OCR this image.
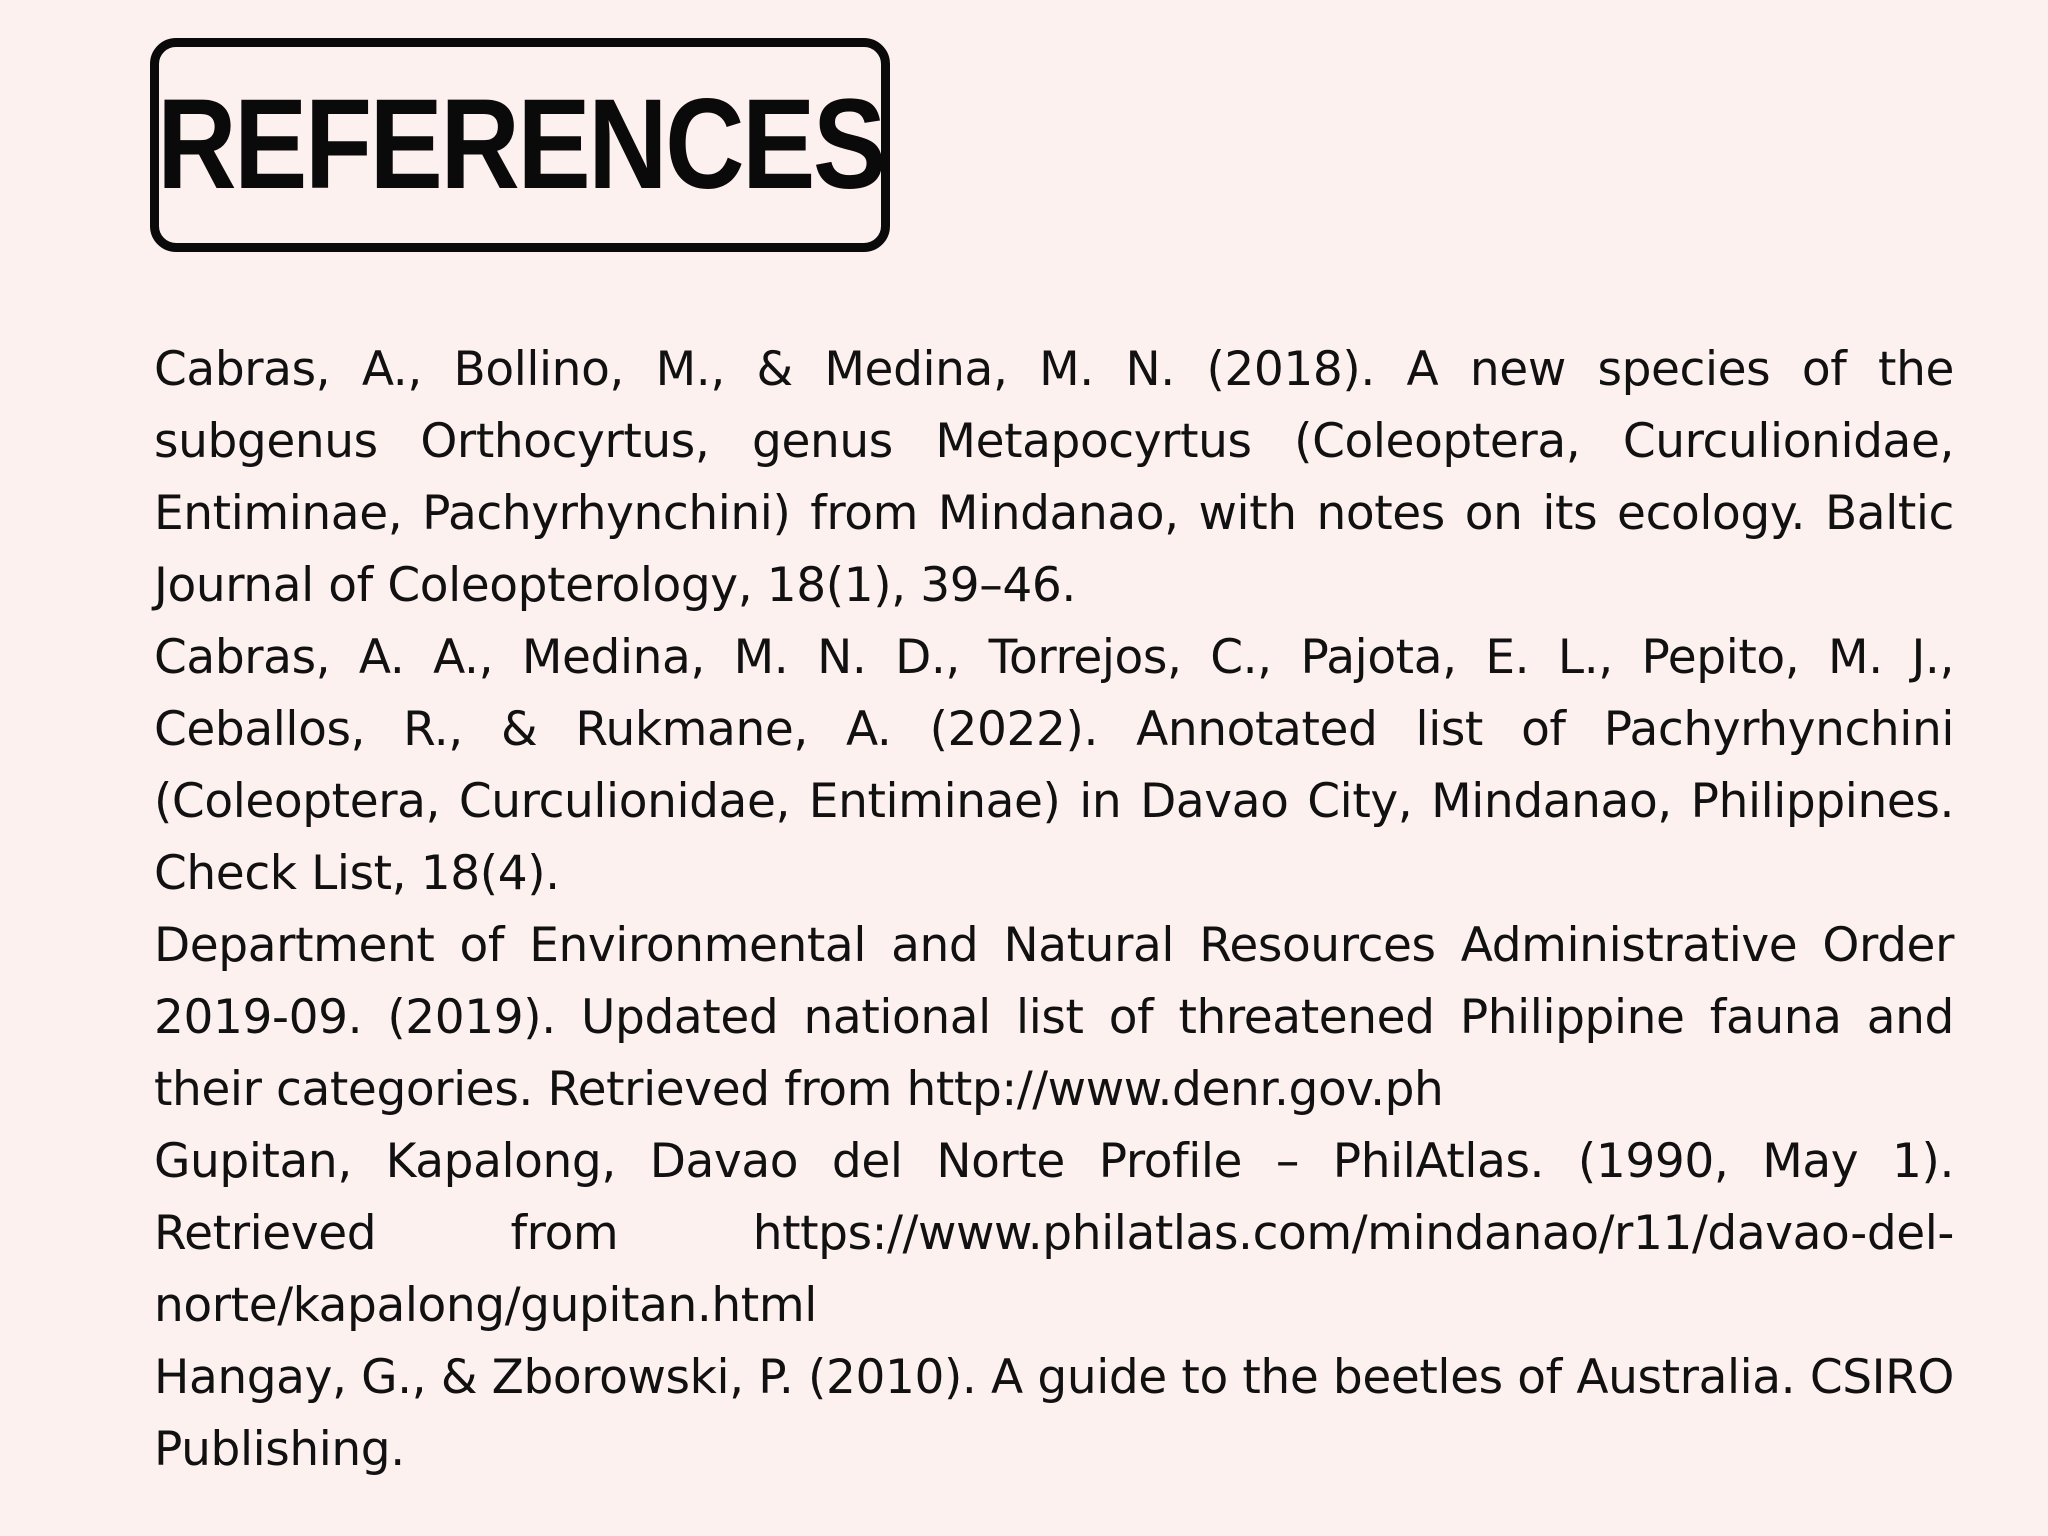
REFERENCES
Cabras, A., Bollino, M., & Medina, M. N. (2018). A new species of the subgenus Orthocyrtus, genus Metapocyrtus (Coleoptera, Curculionidae, Entiminae, Pachyrhynchini) from Mindanao, with notes on its ecology. Baltic Journal of Coleopterology, 18(1), 39–46.
Cabras, A. A., Medina, M. N. D., Torrejos, C., Pajota, E. L., Pepito, M. J., Ceballos, R., & Rukmane, A. (2022). Annotated list of Pachyrhynchini (Coleoptera, Curculionidae, Entiminae) in Davao City, Mindanao, Philippines. Check List, 18(4).
Department of Environmental and Natural Resources Administrative Order 2019-09. (2019). Updated national list of threatened Philippine fauna and their categories. Retrieved from http://www.denr.gov.ph
Gupitan, Kapalong, Davao del Norte Profile – PhilAtlas. (1990, May 1). Retrieved from https://www.philatlas.com/mindanao/r11/davao-del-norte/kapalong/gupitan.html
Hangay, G., & Zborowski, P. (2010). A guide to the beetles of Australia. CSIRO Publishing.
